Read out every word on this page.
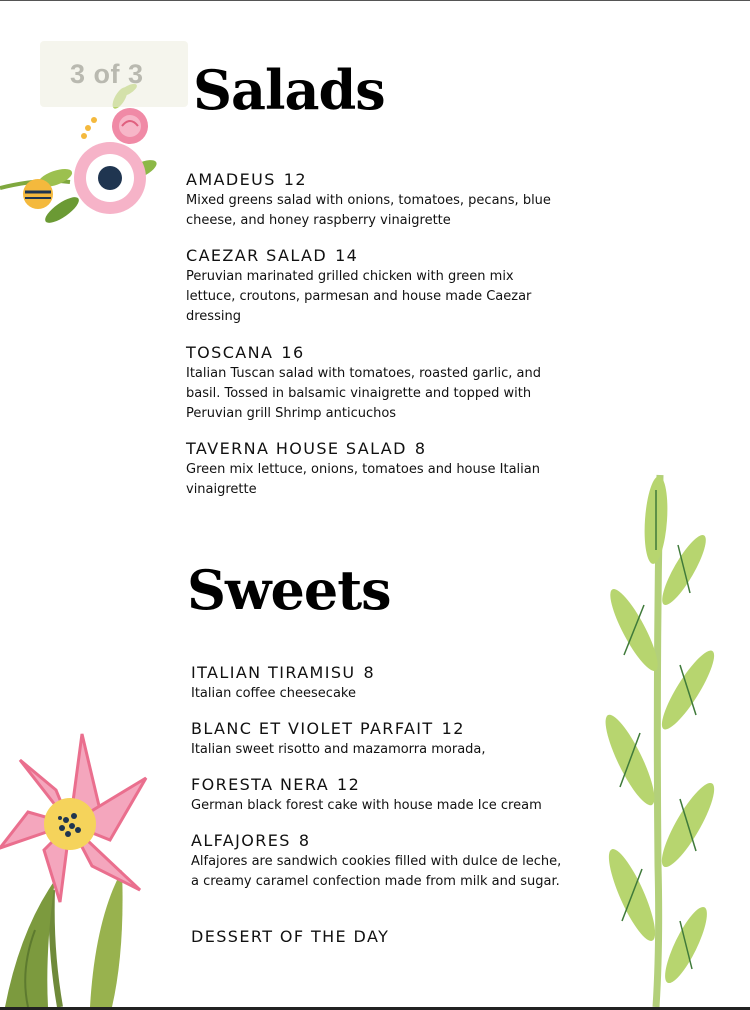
3 of 3 Salads
AMADEUS 12
Mixed greens salad with onions, tomatoes, pecans, blue cheese, and honey raspberry vinaigrette
CAEZAR SALAD 14
Peruvian marinated grilled chicken with green mix lettuce, croutons, parmesan and house made Caezar dressing
TOSCANA 16
Italian Tuscan salad with tomatoes, roasted garlic, and basil. Tossed in balsamic vinaigrette and topped with Peruvian grill Shrimp anticuchos
TAVERNA HOUSE SALAD 8
Green mix lettuce, onions, tomatoes and house Italian vinaigrette
Sweets
ITALIAN TIRAMISU 8
Italian coffee cheesecake
BLANC ET VIOLET PARFAIT 12
Italian sweet risotto and mazamorra morada,
FORESTA NERA 12
German black forest cake with house made Ice cream
ALFAJORES 8
Alfajores are sandwich cookies filled with dulce de leche, a creamy caramel confection made from milk and sugar.
DESSERT OF THE DAY
